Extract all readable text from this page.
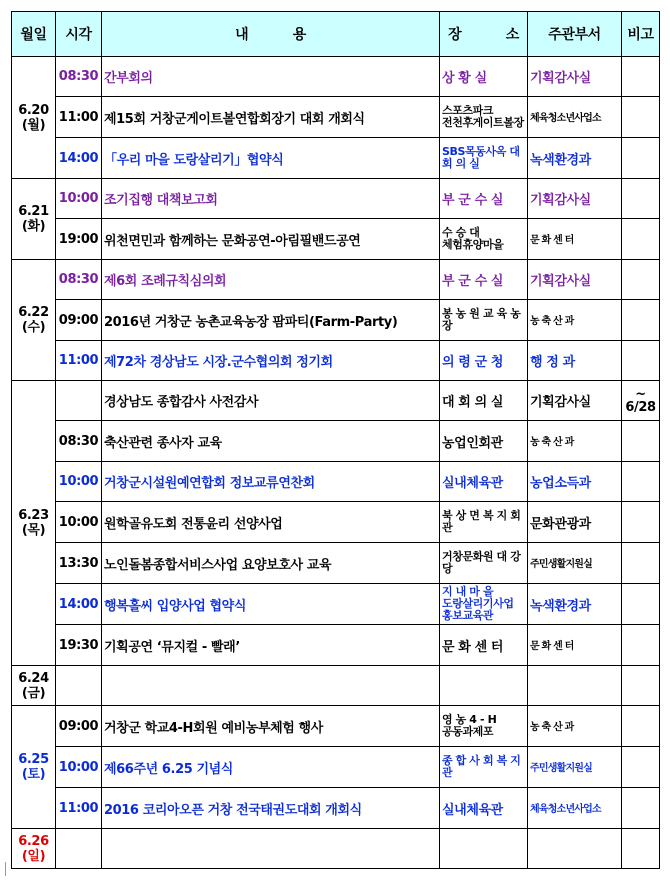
월일	시각	내 용	장 소	주관부서	비고

6.20
(월)	08:30	간부회의	상 황 실	기획감사실	
	11:00	제15회 거창군게이트볼연합회장기 대회 개회식	스포츠파크 전천후게이트볼장	체육청소년사업소	
	14:00	「우리 마을 도랑살리기」협약식	SBS목동사옥 대 회 의 실	녹색환경과	

6.21
(화)	10:00	조기집행 대책보고회	부 군 수 실	기획감사실	
	19:00	위천면민과 함께하는 문화공연-아림필밴드공연	수 승 대 체험휴양마을	문 화 센 터	

6.22
(수)	08:30	제6회 조례규칙심의회	부 군 수 실	기획감사실	
	09:00	2016년 거창군 농촌교육농장 팜파티(Farm-Party)	봉 농 원 교 육 농 장	농 축 산 과	
	11:00	제72차 경상남도 시장.군수협의회 정기회	의 령 군 청	행 정 과	

6.23
(목)		경상남도 종합감사 사전감사	대 회 의 실	기획감사실	~ 6/28

	08:30	축산관련 종사자 교육	농업인회관	농 축 산 과	
	10:00	거창군시설원예연합회 정보교류연찬회	실내체육관	농업소득과	
	10:00	원학골유도회 전통윤리 선양사업	북 상 면 복 지 회 관	문화관광과	
	13:30	노인돌봄종합서비스사업 요양보호사 교육	거창문화원 대 강 당	주민생활지원실	
	14:00	행복홀씨 입양사업 협약식	지 내 마 을 도랑살리기사업 홍보교육관	녹색환경과	
	19:30	기획공연 ‘뮤지컬 - 빨래’	문 화 센 터	문 화 센 터	

6.24
(금)					

6.25
(토)	09:00	거창군 학교4-H회원 예비농부체험 행사	영 농 4 - H 공동과제포	농 축 산 과	
	10:00	제66주년 6.25 기념식	종 합 사 회 복 지 관	주민생활지원실	
	11:00	2016 코리아오픈 거창 전국태권도대회 개회식	실내체육관	체육청소년사업소	

6.26
(일)					
